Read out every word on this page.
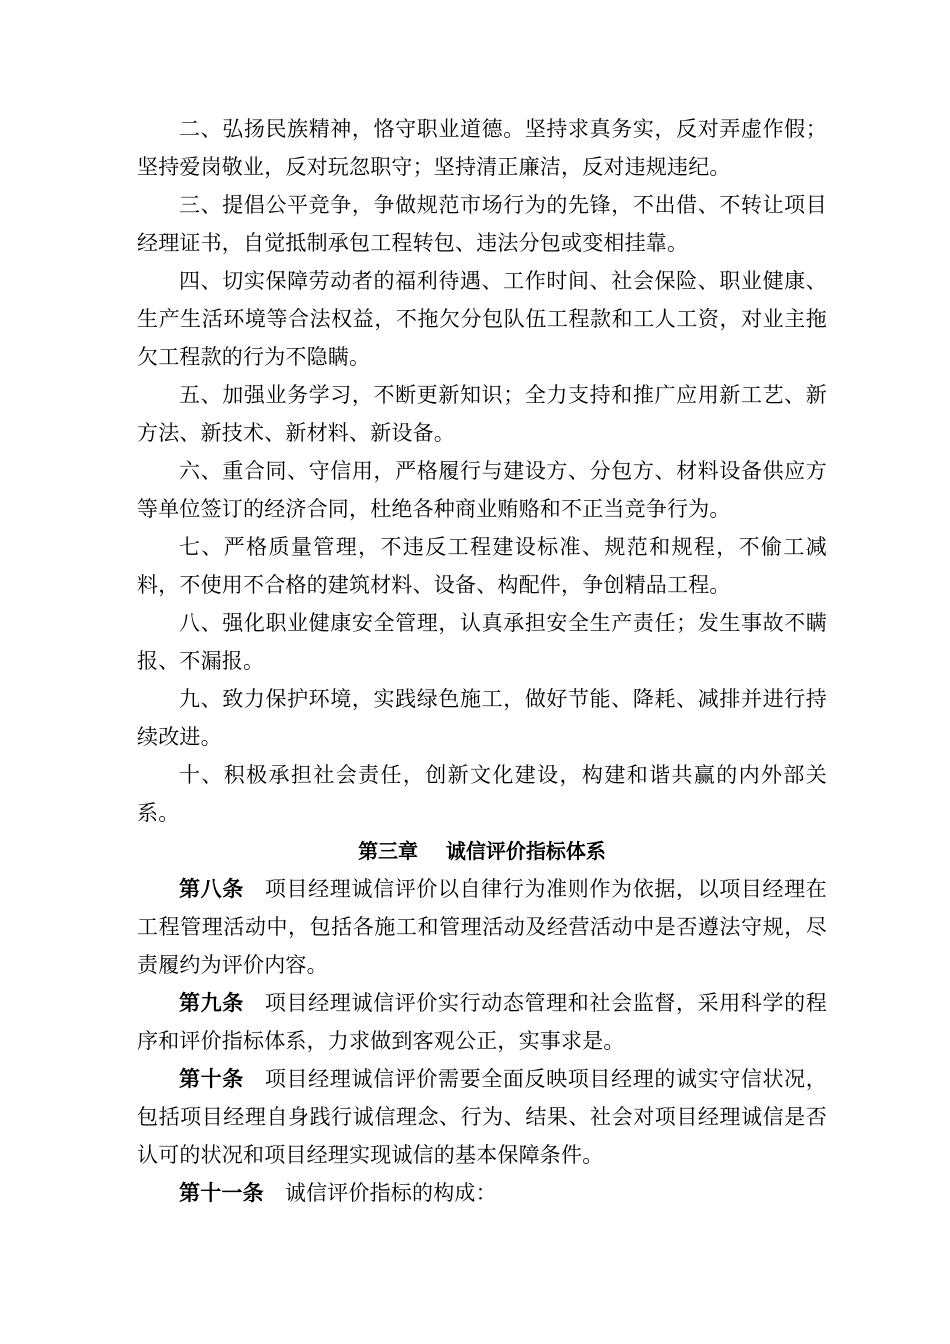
二、弘扬民族精神，恪守职业道德。坚持求真务实，反对弄虚作假；坚持爱岗敬业，反对玩忽职守；坚持清正廉洁，反对违规违纪。

三、提倡公平竞争，争做规范市场行为的先锋，不出借、不转让项目经理证书，自觉抵制承包工程转包、违法分包或变相挂靠。

四、切实保障劳动者的福利待遇、工作时间、社会保险、职业健康、生产生活环境等合法权益，不拖欠分包队伍工程款和工人工资，对业主拖欠工程款的行为不隐瞒。

五、加强业务学习，不断更新知识；全力支持和推广应用新工艺、新方法、新技术、新材料、新设备。

六、重合同、守信用，严格履行与建设方、分包方、材料设备供应方等单位签订的经济合同，杜绝各种商业贿赂和不正当竞争行为。

七、严格质量管理，不违反工程建设标准、规范和规程，不偷工减料，不使用不合格的建筑材料、设备、构配件，争创精品工程。

八、强化职业健康安全管理，认真承担安全生产责任；发生事故不瞒报、不漏报。

九、致力保护环境，实践绿色施工，做好节能、降耗、减排并进行持续改进。

十、积极承担社会责任，创新文化建设，构建和谐共赢的内外部关系。

第三章    诚信评价指标体系

第八条 项目经理诚信评价以自律行为准则作为依据，以项目经理在工程管理活动中，包括各施工和管理活动及经营活动中是否遵法守规，尽责履约为评价内容。

第九条 项目经理诚信评价实行动态管理和社会监督，采用科学的程序和评价指标体系，力求做到客观公正，实事求是。

第十条 项目经理诚信评价需要全面反映项目经理的诚实守信状况，包括项目经理自身践行诚信理念、行为、结果、社会对项目经理诚信是否认可的状况和项目经理实现诚信的基本保障条件。

第十一条 诚信评价指标的构成：
